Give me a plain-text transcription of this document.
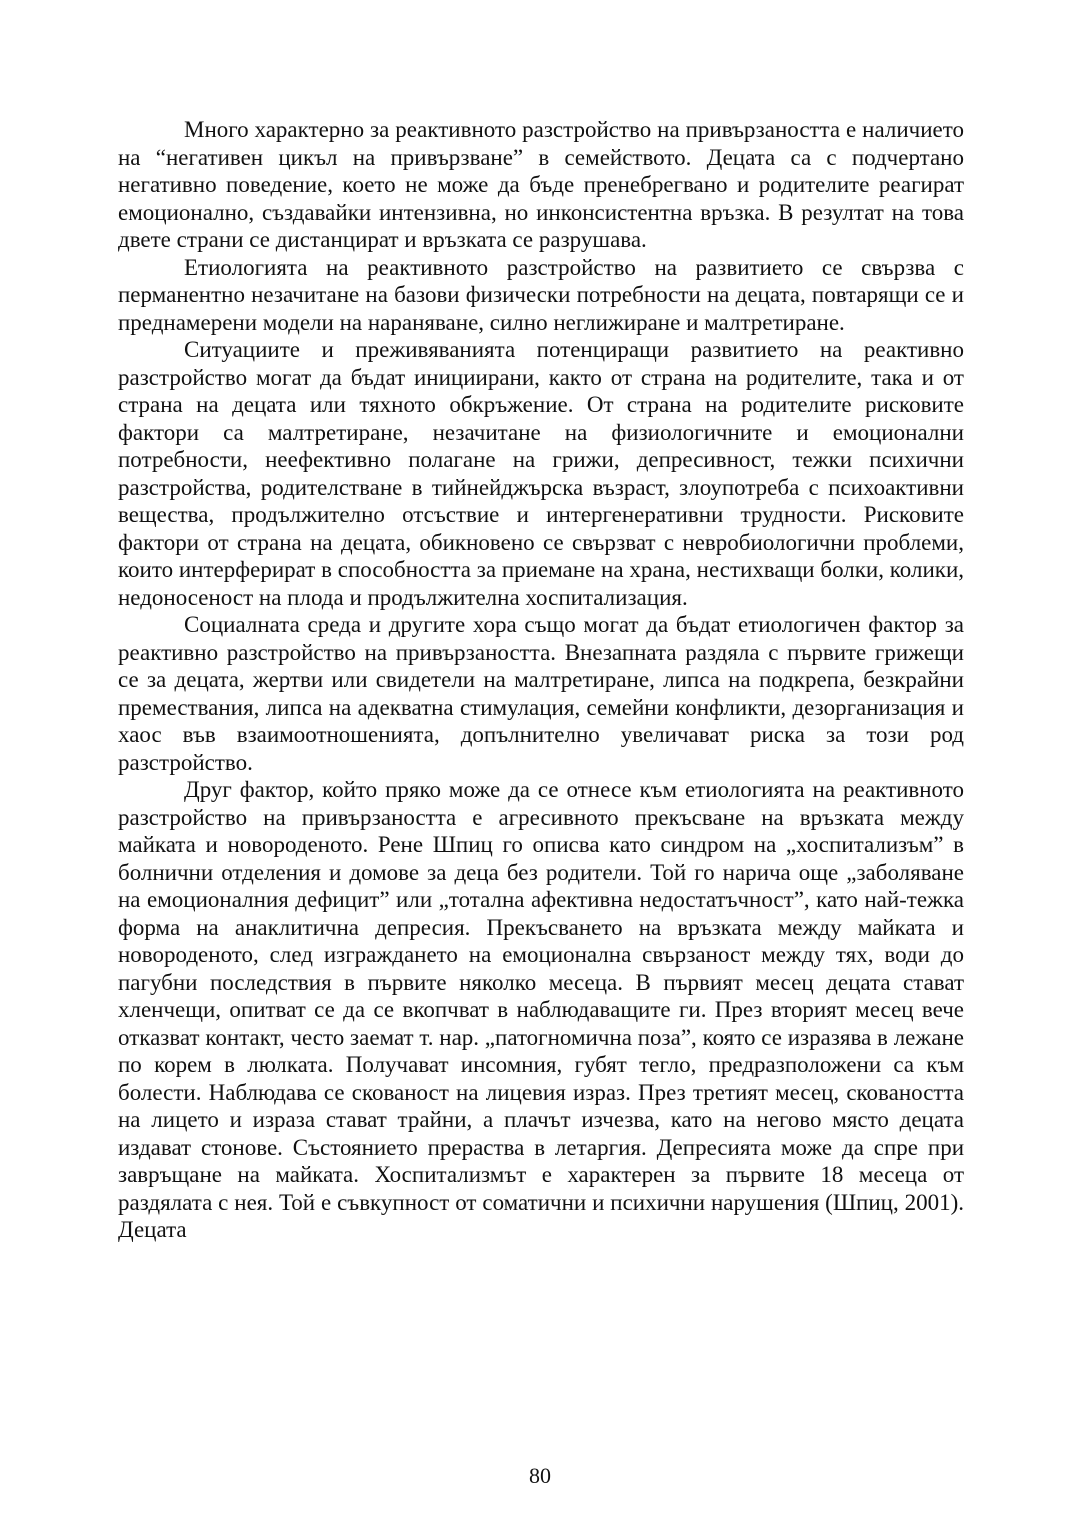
Много характерно за реактивното разстройство на привързаността е наличието на “негативен цикъл на привързване” в семейството. Децата са с подчертано негативно поведение, което не може да бъде пренебрегвано и родителите реагират емоционално, създавайки интензивна, но инконсистентна връзка. В резултат на това двете страни се дистанцират и връзката се разрушава.

Етиологията на реактивното разстройство на развитието се свързва с перманентно незачитане на базови физически потребности на децата, повтарящи се и преднамерени модели на нараняване, силно неглижиране и малтретиране.

Ситуациите и преживяванията потенциращи развитието на реактивно разстройство могат да бъдат инициирани, както от страна на родителите, така и от страна на децата или тяхното обкръжение. От страна на родителите рисковите фактори са малтретиране, незачитане на физиологичните и емоционални потребности, неефективно полагане на грижи, депресивност, тежки психични разстройства, родителстване в тийнейджърска възраст, злоупотреба с психоактивни вещества, продължително отсъствие и интергенеративни трудности. Рисковите фактори от страна на децата, обикновено се свързват с невробиологични проблеми, които интерферират в способността за приемане на храна, нестихващи болки, колики, недоносеност на плода и продължителна хоспитализация.

Социалната среда и другите хора също могат да бъдат етиологичен фактор за реактивно разстройство на привързаността. Внезапната раздяла с първите грижещи се за децата, жертви или свидетели на малтретиране, липса на подкрепа, безкрайни премествания, липса на адекватна стимулация, семейни конфликти, дезорганизация и хаос във взаимоотношенията, допълнително увеличават риска за този род разстройство.

Друг фактор, който пряко може да се отнесе към етиологията на реактивното разстройство на привързаността е агресивното прекъсване на връзката между майката и новороденото. Рене Шпиц го описва като синдром на „хоспитализъм” в болнични отделения и домове за деца без родители. Той го нарича още „заболяване на емоционалния дефицит” или „тотална афективна недостатъчност”, като най-тежка форма на анаклитична депресия. Прекъсването на връзката между майката и новороденото, след изграждането на емоционална свързаност между тях, води до пагубни последствия в първите няколко месеца. В първият месец децата стават хленчещи, опитват се да се вкопчват в наблюдаващите ги. През вторият месец вече отказват контакт, често заемат т. нар. „патогномична поза”, която се изразява в лежане по корем в люлката. Получават инсомния, губят тегло, предразположени са към болести. Наблюдава се скованост на лицевия израз. През третият месец, сковаността на лицето и израза стават трайни, а плачът изчезва, като на негово място децата издават стонове. Състоянието прераства в летаргия. Депресията може да спре при завръщане на майката. Хоспитализмът е характерен за първите 18 месеца от раздялата с нея. Той е съвкупност от соматични и психични нарушения (Шпиц, 2001). Децата

80
